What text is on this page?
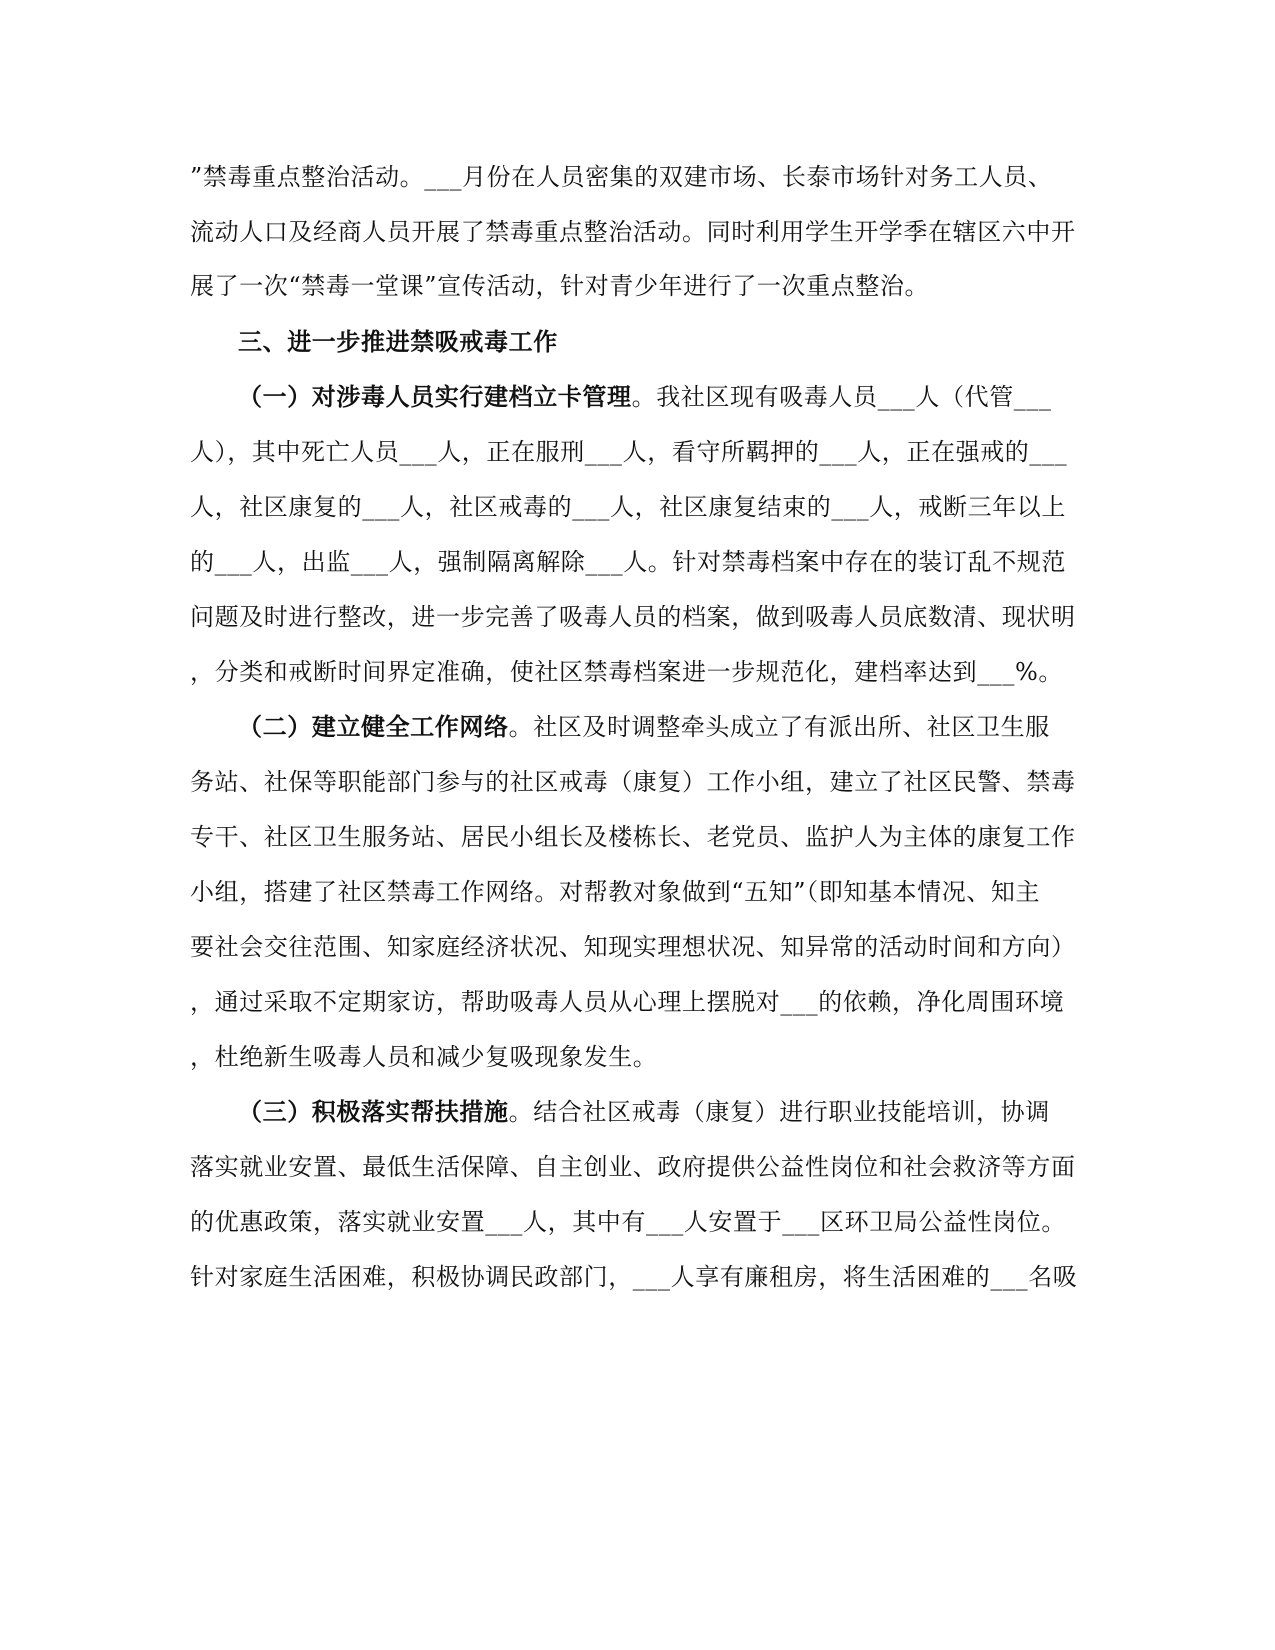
”禁毒重点整治活动。___月份在人员密集的双建市场、长泰市场针对务工人员、
流动人口及经商人员开展了禁毒重点整治活动。同时利用学生开学季在辖区六中开
展了一次“禁毒一堂课”宣传活动，针对青少年进行了一次重点整治。
三、进一步推进禁吸戒毒工作
（一）对涉毒人员实行建档立卡管理。我社区现有吸毒人员___人（代管___
人），其中死亡人员___人，正在服刑___人，看守所羁押的___人，正在强戒的___
人，社区康复的___人，社区戒毒的___人，社区康复结束的___人，戒断三年以上
的___人，出监___人，强制隔离解除___人。针对禁毒档案中存在的装订乱不规范
问题及时进行整改，进一步完善了吸毒人员的档案，做到吸毒人员底数清、现状明
，分类和戒断时间界定准确，使社区禁毒档案进一步规范化，建档率达到___%。
（二）建立健全工作网络。社区及时调整牵头成立了有派出所、社区卫生服
务站、社保等职能部门参与的社区戒毒（康复）工作小组，建立了社区民警、禁毒
专干、社区卫生服务站、居民小组长及楼栋长、老党员、监护人为主体的康复工作
小组，搭建了社区禁毒工作网络。对帮教对象做到“五知”（即知基本情况、知主
要社会交往范围、知家庭经济状况、知现实理想状况、知异常的活动时间和方向）
，通过采取不定期家访，帮助吸毒人员从心理上摆脱对___的依赖，净化周围环境
，杜绝新生吸毒人员和减少复吸现象发生。
（三）积极落实帮扶措施。结合社区戒毒（康复）进行职业技能培训，协调
落实就业安置、最低生活保障、自主创业、政府提供公益性岗位和社会救济等方面
的优惠政策，落实就业安置___人，其中有___人安置于___区环卫局公益性岗位。
针对家庭生活困难，积极协调民政部门，___人享有廉租房，将生活困难的___名吸
